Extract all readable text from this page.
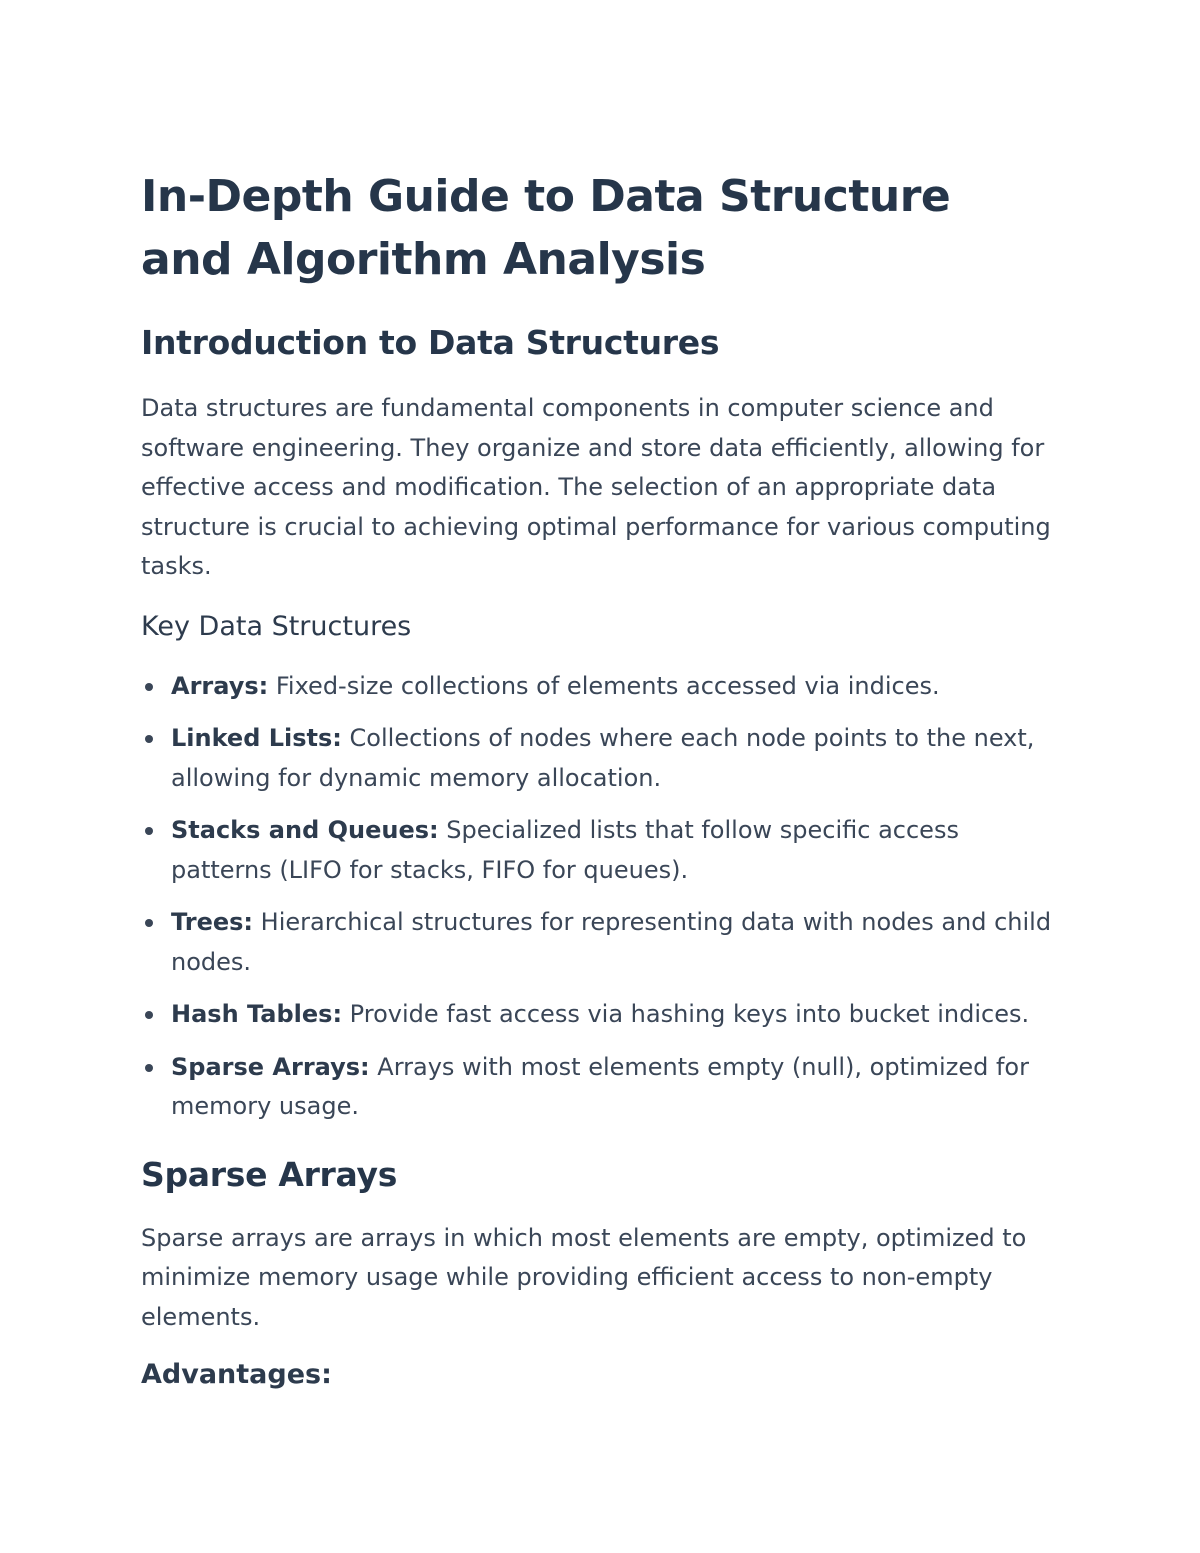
In-Depth Guide to Data Structure and Algorithm Analysis
Introduction to Data Structures

Data structures are fundamental components in computer science and software engineering. They organize and store data efficiently, allowing for effective access and modification. The selection of an appropriate data structure is crucial to achieving optimal performance for various computing tasks.

Key Data Structures
Arrays: Fixed-size collections of elements accessed via indices.
Linked Lists: Collections of nodes where each node points to the next, allowing for dynamic memory allocation.
Stacks and Queues: Specialized lists that follow specific access patterns (LIFO for stacks, FIFO for queues).
Trees: Hierarchical structures for representing data with nodes and child nodes.
Hash Tables: Provide fast access via hashing keys into bucket indices.
Sparse Arrays: Arrays with most elements empty (null), optimized for memory usage.
Sparse Arrays

Sparse arrays are arrays in which most elements are empty, optimized to minimize memory usage while providing efficient access to non-empty elements.

Advantages:
